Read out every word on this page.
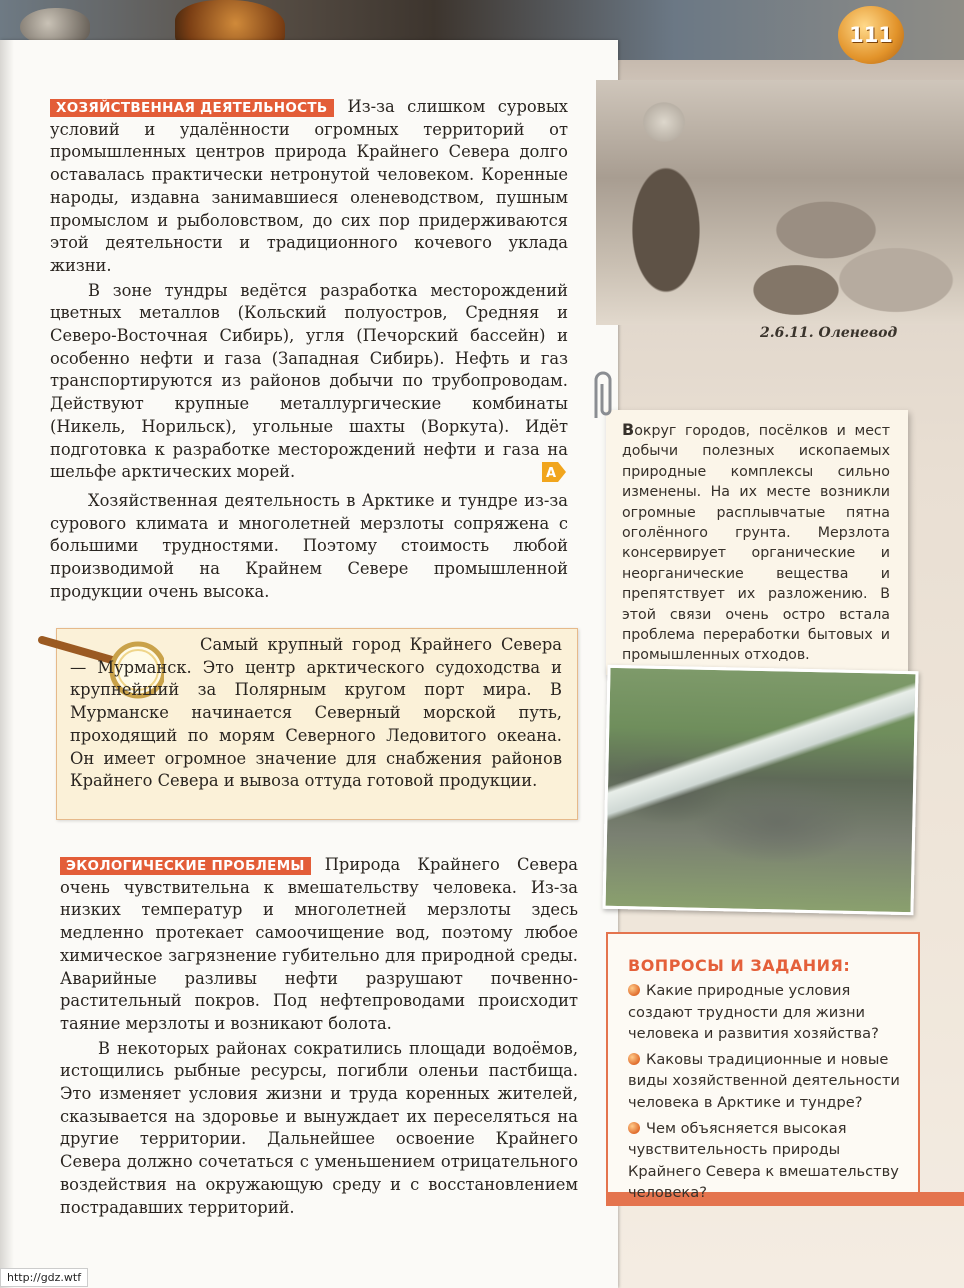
111

ХОЗЯЙСТВЕННАЯ ДЕЯТЕЛЬНОСТЬ Из-за слишком суровых условий и удалённости огромных территорий от промышленных центров природа Крайнего Севера долго оставалась практически нетронутой человеком. Коренные народы, издавна занимавшиеся оленеводством, пушным промыслом и рыболовством, до сих пор придерживаются этой деятельности и традиционного кочевого уклада жизни.

В зоне тундры ведётся разработка месторождений цветных металлов (Кольский полуостров, Средняя и Северо-Восточная Сибирь), угля (Печорский бассейн) и особенно нефти и газа (Западная Сибирь). Нефть и газ транспортируются из районов добычи по трубопроводам. Действуют крупные металлургические комбинаты (Никель, Норильск), угольные шахты (Воркута). Идёт подготовка к разработке месторождений нефти и газа на шельфе арктических морей.

Хозяйственная деятельность в Арктике и тундре из-за сурового климата и многолетней мерзлоты сопряжена с большими трудностями. Поэтому стоимость любой производимой на Крайнем Севере промышленной продукции очень высока.

A

Самый крупный город Крайнего Севера — Мурманск. Это центр арктического судоходства и крупнейший за Полярным кругом порт мира. В Мурманске начинается Северный морской путь, проходящий по морям Северного Ледовитого океана. Он имеет огромное значение для снабжения районов Крайнего Севера и вывоза оттуда готовой продукции.

ЭКОЛОГИЧЕСКИЕ ПРОБЛЕМЫ Природа Крайнего Севера очень чувствительна к вмешательству человека. Из-за низких температур и многолетней мерзлоты здесь медленно протекает самоочищение вод, поэтому любое химическое загрязнение губительно для природной среды. Аварийные разливы нефти разрушают почвенно-растительный покров. Под нефтепроводами происходит таяние мерзлоты и возникают болота.

В некоторых районах сократились площади водоёмов, истощились рыбные ресурсы, погибли оленьи пастбища. Это изменяет условия жизни и труда коренных жителей, сказывается на здоровье и вынуждает их переселяться на другие территории. Дальнейшее освоение Крайнего Севера должно сочетаться с уменьшением отрицательного воздействия на окружающую среду и с восстановлением пострадавших территорий.

2.6.11. Оленевод
Вокруг городов, посёлков и мест добычи полезных ископаемых природные комплексы сильно изменены. На их месте возникли огромные расплывчатые пятна оголённого грунта. Мерзлота консервирует органические и неорганические вещества и препятствует их разложению. В этой связи очень остро встала проблема переработки бытовых и промышленных отходов.
ВОПРОСЫ И ЗАДАНИЯ:
Какие природные условия создают трудности для жизни человека и развития хозяйства?
Каковы традиционные и новые виды хозяйственной деятельности человека в Арктике и тундре?
Чем объясняется высокая чувствительность природы Крайнего Севера к вмешательству человека?
http://gdz.wtf
